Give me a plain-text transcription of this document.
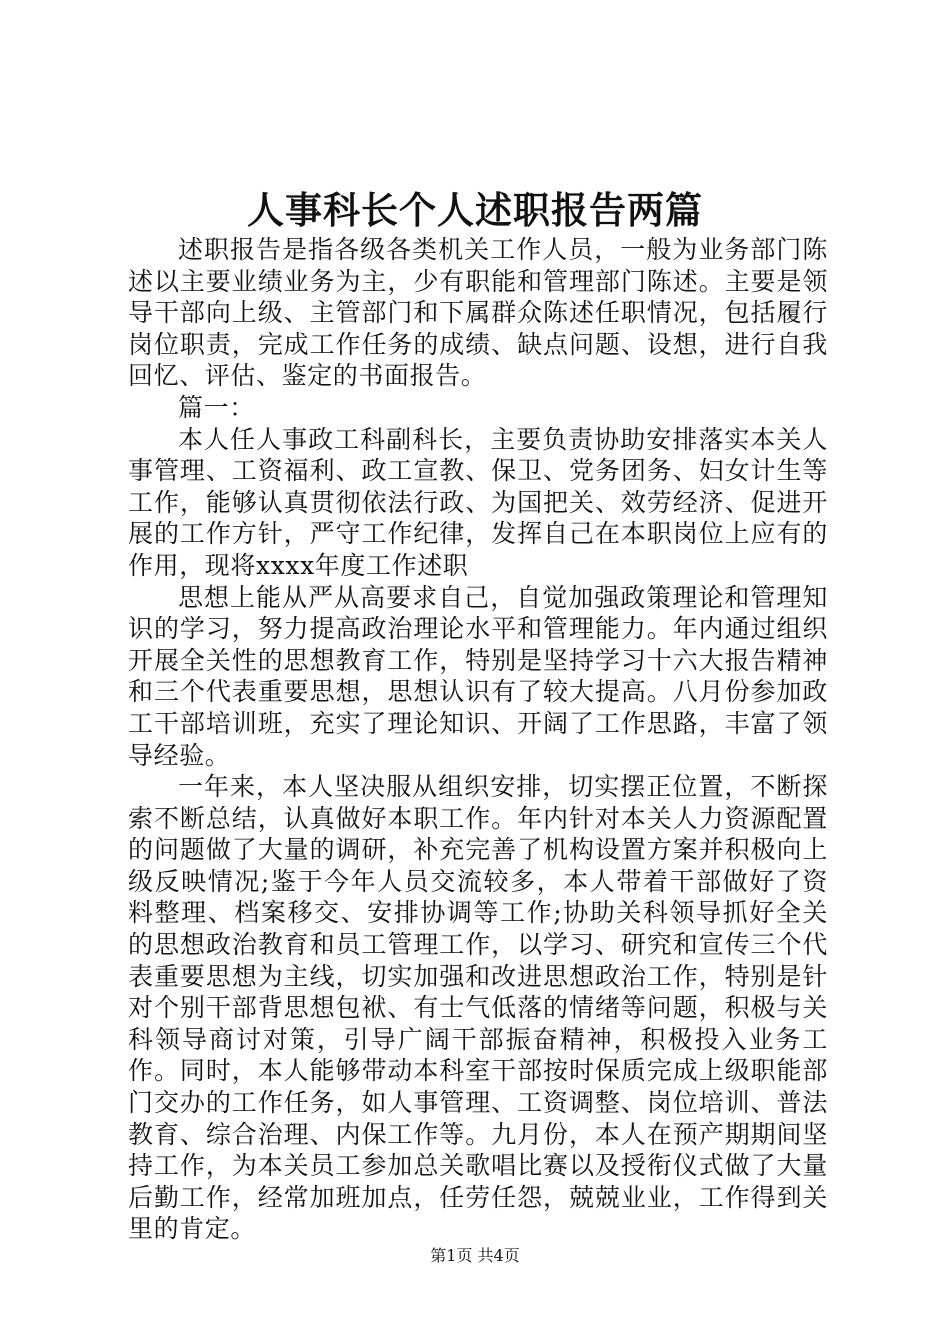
人事科长个人述职报告两篇

述职报告是指各级各类机关工作人员，一般为业务部门陈述以主要业绩业务为主，少有职能和管理部门陈述。主要是领导干部向上级、主管部门和下属群众陈述任职情况，包括履行岗位职责，完成工作任务的成绩、缺点问题、设想，进行自我回忆、评估、鉴定的书面报告。

篇一：

本人任人事政工科副科长，主要负责协助安排落实本关人事管理、工资福利、政工宣教、保卫、党务团务、妇女计生等工作，能够认真贯彻依法行政、为国把关、效劳经济、促进开展的工作方针，严守工作纪律，发挥自己在本职岗位上应有的作用，现将xxxx年度工作述职

思想上能从严从高要求自己，自觉加强政策理论和管理知识的学习，努力提高政治理论水平和管理能力。年内通过组织开展全关性的思想教育工作，特别是坚持学习十六大报告精神和三个代表重要思想，思想认识有了较大提高。八月份参加政工干部培训班，充实了理论知识、开阔了工作思路，丰富了领导经验。

一年来，本人坚决服从组织安排，切实摆正位置，不断探索不断总结，认真做好本职工作。年内针对本关人力资源配置的问题做了大量的调研，补充完善了机构设置方案并积极向上级反映情况;鉴于今年人员交流较多，本人带着干部做好了资料整理、档案移交、安排协调等工作;协助关科领导抓好全关的思想政治教育和员工管理工作，以学习、研究和宣传三个代表重要思想为主线，切实加强和改进思想政治工作，特别是针对个别干部背思想包袱、有士气低落的情绪等问题，积极与关科领导商讨对策，引导广阔干部振奋精神，积极投入业务工作。同时，本人能够带动本科室干部按时保质完成上级职能部门交办的工作任务，如人事管理、工资调整、岗位培训、普法教育、综合治理、内保工作等。九月份，本人在预产期期间坚持工作，为本关员工参加总关歌唱比赛以及授衔仪式做了大量后勤工作，经常加班加点，任劳任怨，兢兢业业，工作得到关里的肯定。

第1页 共4页
